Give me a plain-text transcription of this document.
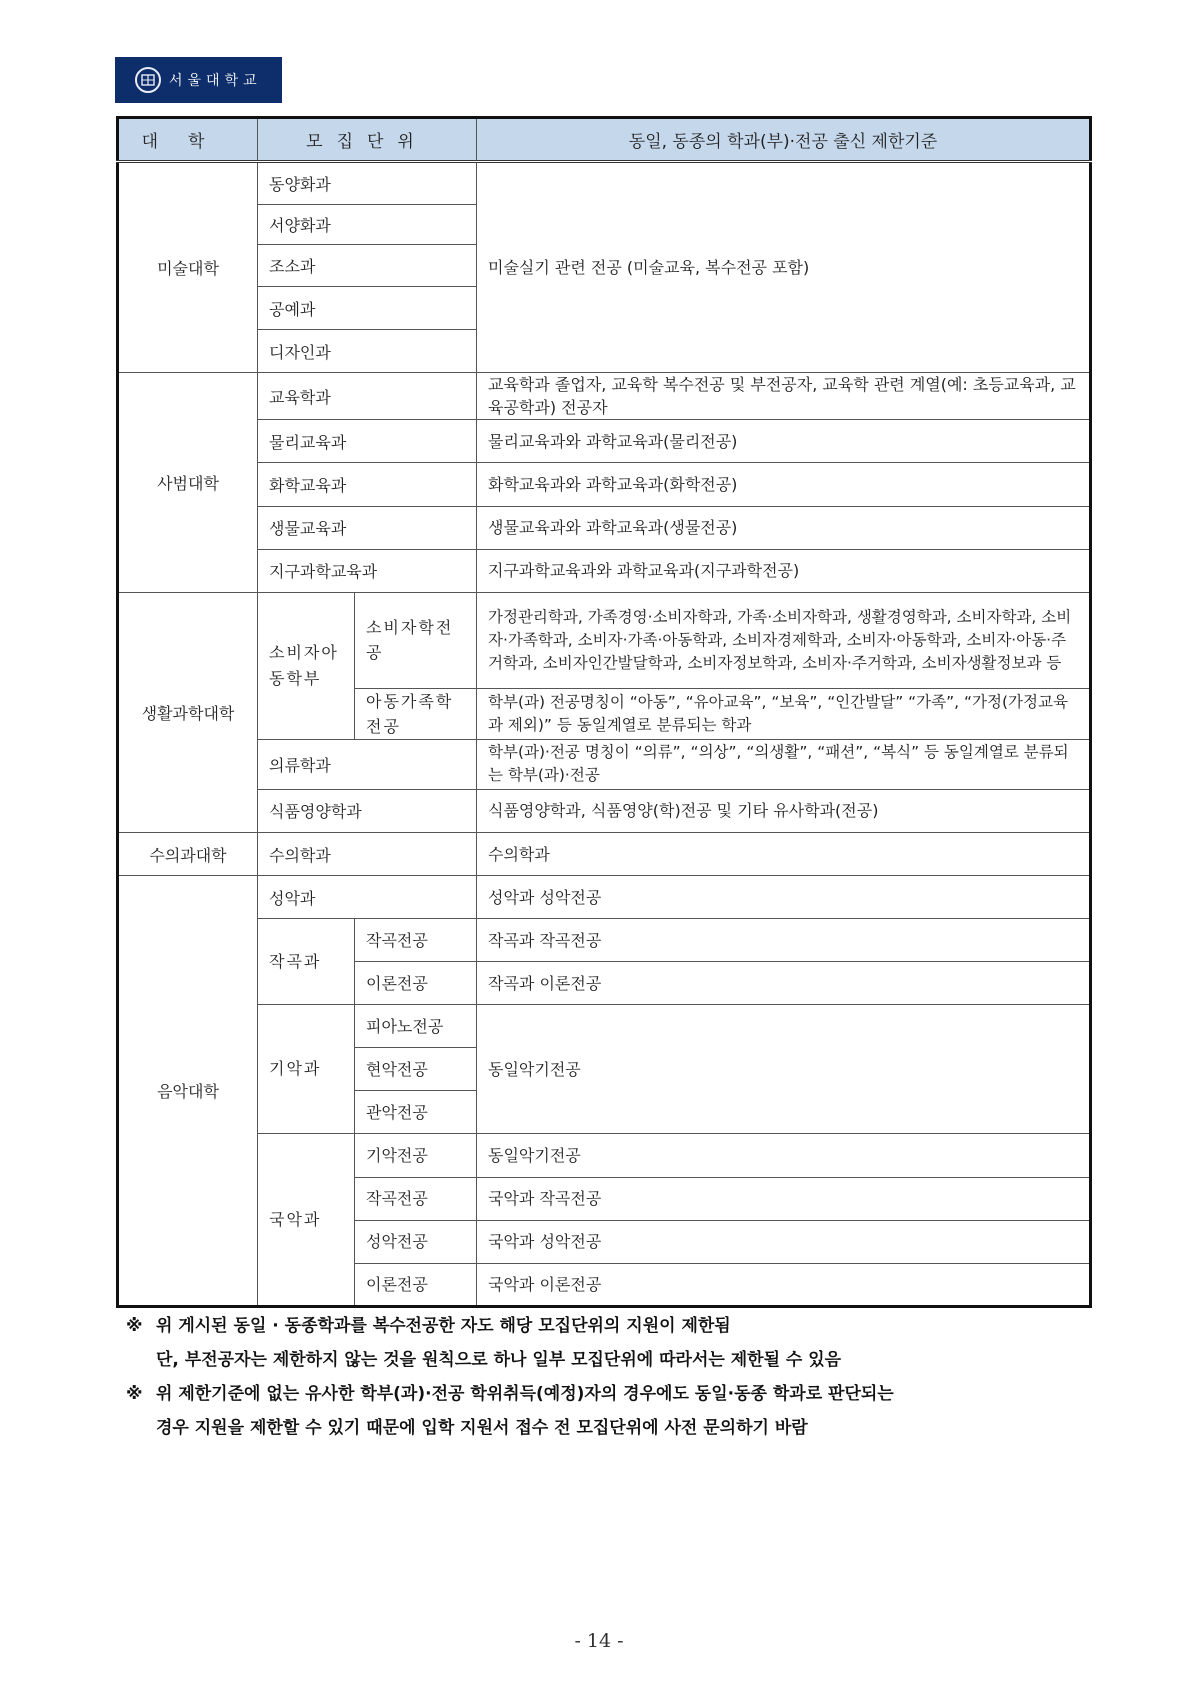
서울대학교
대학	모집단위		동일, 동종의 학과(부)·전공 출신 제한기준
미술대학	동양화과		미술실기 관련 전공 (미술교육, 복수전공 포함)
	서양화과		
	조소과		
	공예과		
	디자인과		
사범대학	교육학과		교육학과 졸업자, 교육학 복수전공 및 부전공자, 교육학 관련 계열(예: 초등교육과, 교육공학과) 전공자
	물리교육과		물리교육과와 과학교육과(물리전공)
	화학교육과		화학교육과와 과학교육과(화학전공)
	생물교육과		생물교육과와 과학교육과(생물전공)
	지구과학교육과		지구과학교육과와 과학교육과(지구과학전공)
생활과학대학	소비자아동학부	소비자학전공	가정관리학과, 가족경영·소비자학과, 가족·소비자학과, 생활경영학과, 소비자학과, 소비자·가족학과, 소비자·가족·아동학과, 소비자경제학과, 소비자·아동학과, 소비자·아동·주거학과, 소비자인간발달학과, 소비자정보학과, 소비자·주거학과, 소비자생활정보과 등
		아동가족학전공	학부(과) 전공명칭이 “아동”, “유아교육”, “보육”, “인간발달” “가족”, “가정(가정교육과 제외)” 등 동일계열로 분류되는 학과
	의류학과		학부(과)·전공 명칭이 “의류”, “의상”, “의생활”, “패션”, “복식” 등 동일계열로 분류되는 학부(과)·전공
	식품영양학과		식품영양학과, 식품영양(학)전공 및 기타 유사학과(전공)
수의과대학	수의학과		수의학과
음악대학	성악과		성악과 성악전공
	작곡과	작곡전공	작곡과 작곡전공
		이론전공	작곡과 이론전공
	기악과	피아노전공	동일악기전공
		현악전공	
		관악전공	
	국악과	기악전공	동일악기전공
		작곡전공	국악과 작곡전공
		성악전공	국악과 성악전공
		이론전공	국악과 이론전공
※ 위 게시된 동일 · 동종학과를 복수전공한 자도 해당 모집단위의 지원이 제한됨
단, 부전공자는 제한하지 않는 것을 원칙으로 하나 일부 모집단위에 따라서는 제한될 수 있음
※ 위 제한기준에 없는 유사한 학부(과)·전공 학위취득(예정)자의 경우에도 동일·동종 학과로 판단되는
경우 지원을 제한할 수 있기 때문에 입학 지원서 접수 전 모집단위에 사전 문의하기 바람
- 14 -
